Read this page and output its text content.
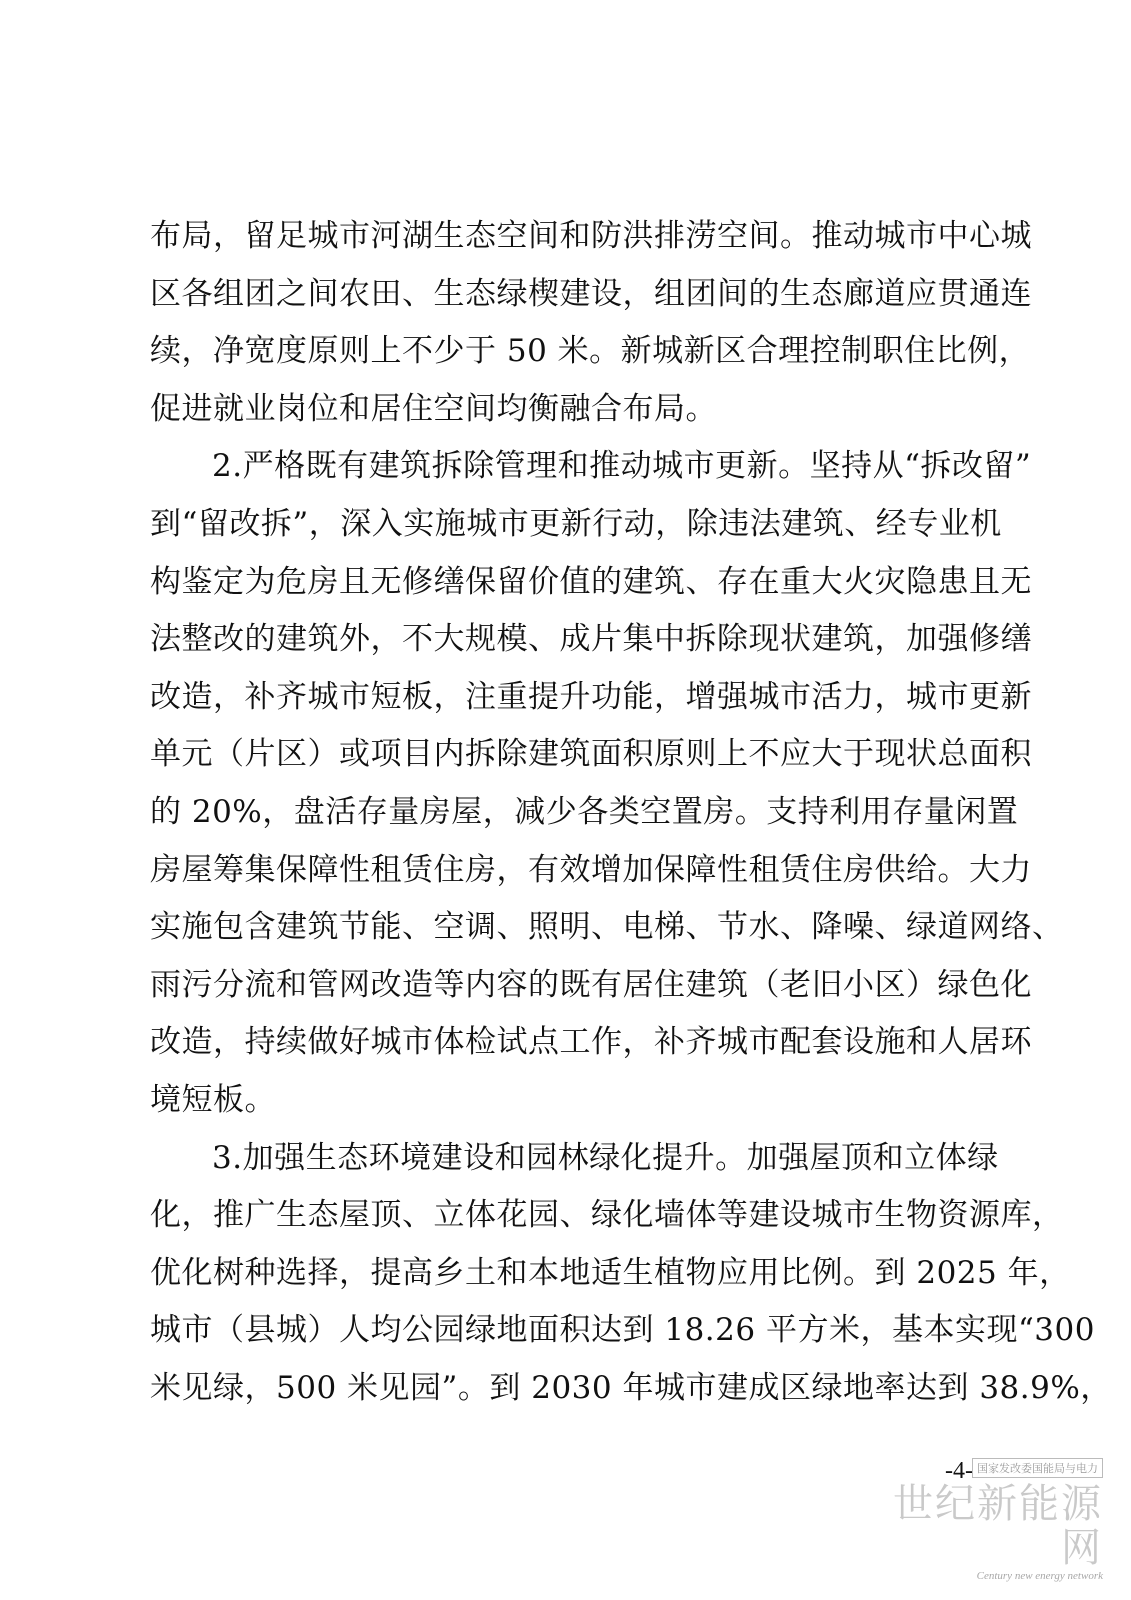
布局，留足城市河湖生态空间和防洪排涝空间。推动城市中心城
区各组团之间农田、生态绿楔建设，组团间的生态廊道应贯通连
续，净宽度原则上不少于 50 米。新城新区合理控制职住比例，
促进就业岗位和居住空间均衡融合布局。
2.严格既有建筑拆除管理和推动城市更新。坚持从“拆改留”
到“留改拆”，深入实施城市更新行动，除违法建筑、经专业机
构鉴定为危房且无修缮保留价值的建筑、存在重大火灾隐患且无
法整改的建筑外，不大规模、成片集中拆除现状建筑，加强修缮
改造，补齐城市短板，注重提升功能，增强城市活力，城市更新
单元（片区）或项目内拆除建筑面积原则上不应大于现状总面积
的 20%，盘活存量房屋，减少各类空置房。支持利用存量闲置
房屋筹集保障性租赁住房，有效增加保障性租赁住房供给。大力
实施包含建筑节能、空调、照明、电梯、节水、降噪、绿道网络、
雨污分流和管网改造等内容的既有居住建筑（老旧小区）绿色化
改造，持续做好城市体检试点工作，补齐城市配套设施和人居环
境短板。
3.加强生态环境建设和园林绿化提升。加强屋顶和立体绿
化，推广生态屋顶、立体花园、绿化墙体等建设城市生物资源库，
优化树种选择，提高乡土和本地适生植物应用比例。到 2025 年，
城市（县城）人均公园绿地面积达到 18.26 平方米，基本实现“300
米见绿，500 米见园”。到 2030 年城市建成区绿地率达到 38.9%，
-4- 国家发改委国能局与电力
世纪新能源网
Century new energy network
